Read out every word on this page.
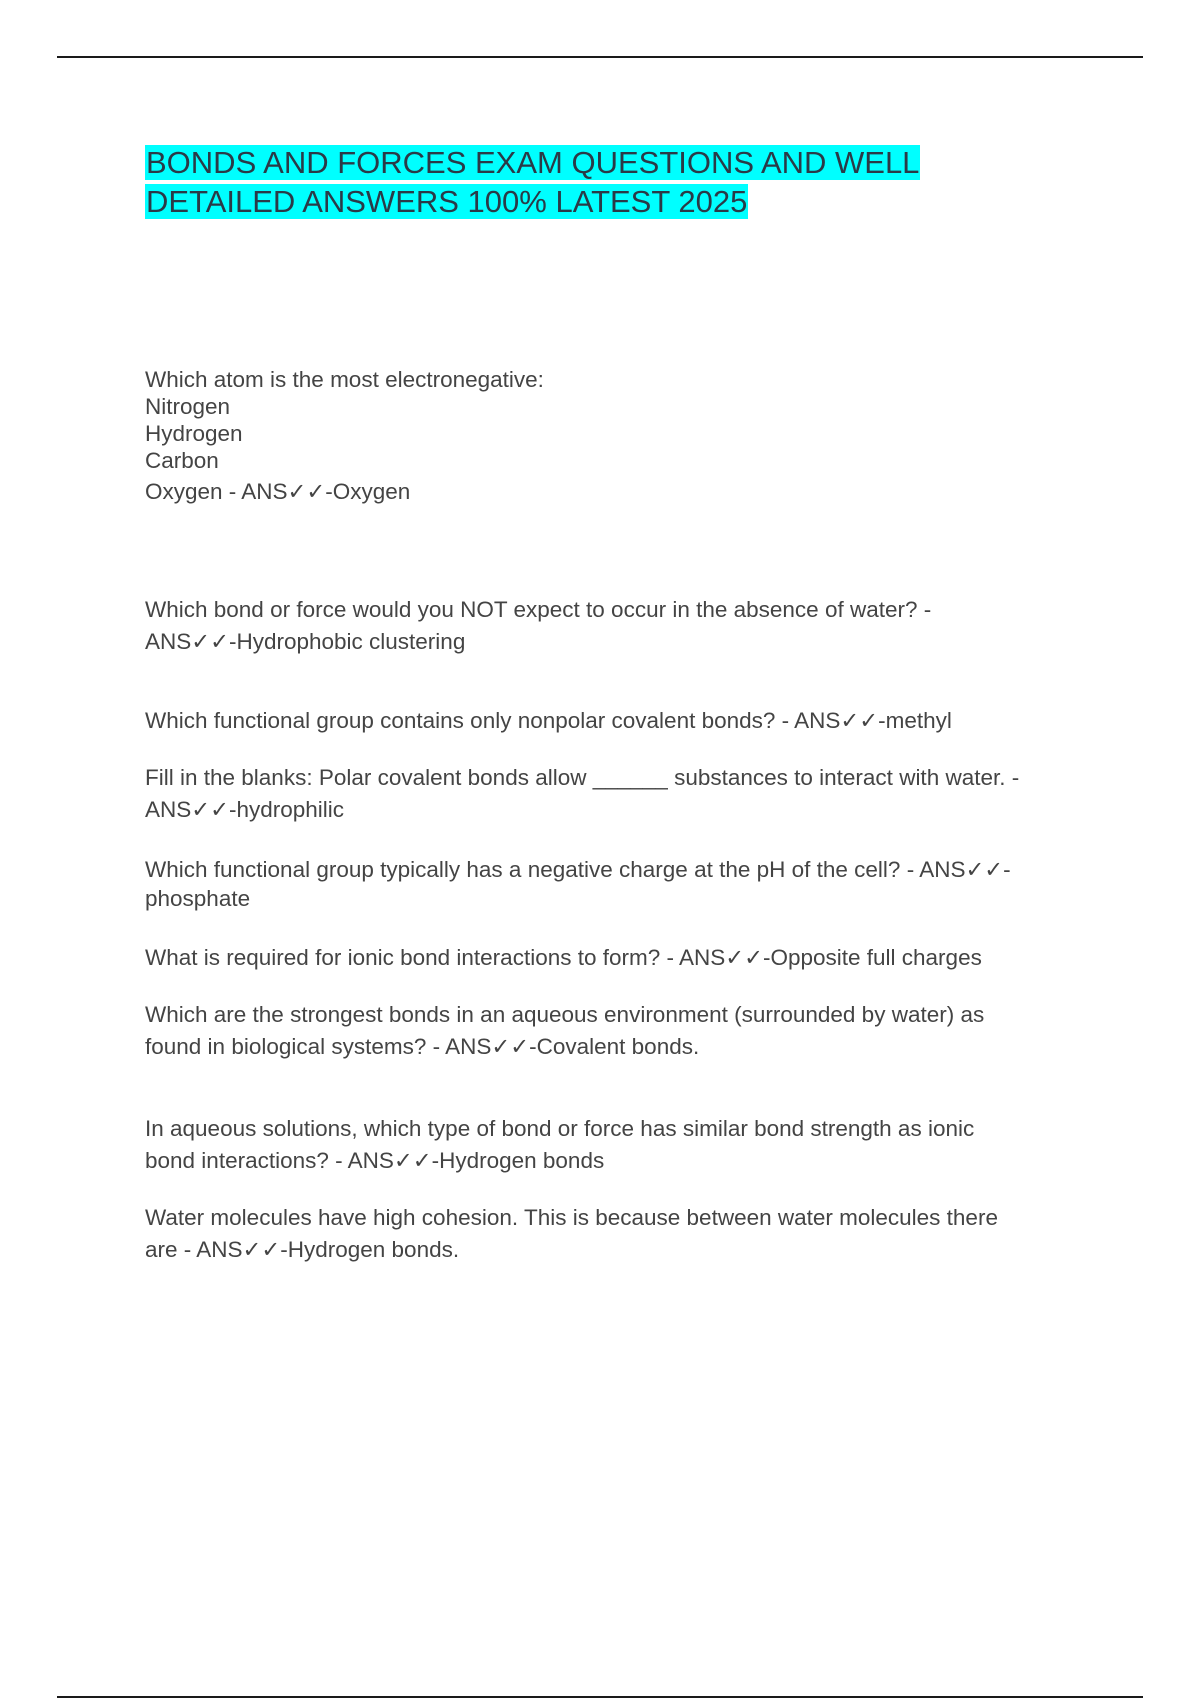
BONDS AND FORCES EXAM QUESTIONS AND WELL
DETAILED ANSWERS 100% LATEST 2025
Which atom is the most electronegative:
Nitrogen
Hydrogen
Carbon
Oxygen - ANS✓✓-Oxygen
Which bond or force would you NOT expect to occur in the absence of water? -
ANS✓✓-Hydrophobic clustering
Which functional group contains only nonpolar covalent bonds? - ANS✓✓-methyl
Fill in the blanks: Polar covalent bonds allow ______ substances to interact with water. -
ANS✓✓-hydrophilic
Which functional group typically has a negative charge at the pH of the cell? - ANS✓✓-
phosphate
What is required for ionic bond interactions to form? - ANS✓✓-Opposite full charges
Which are the strongest bonds in an aqueous environment (surrounded by water) as
found in biological systems? - ANS✓✓-Covalent bonds.
In aqueous solutions, which type of bond or force has similar bond strength as ionic
bond interactions? - ANS✓✓-Hydrogen bonds
Water molecules have high cohesion. This is because between water molecules there
are - ANS✓✓-Hydrogen bonds.
